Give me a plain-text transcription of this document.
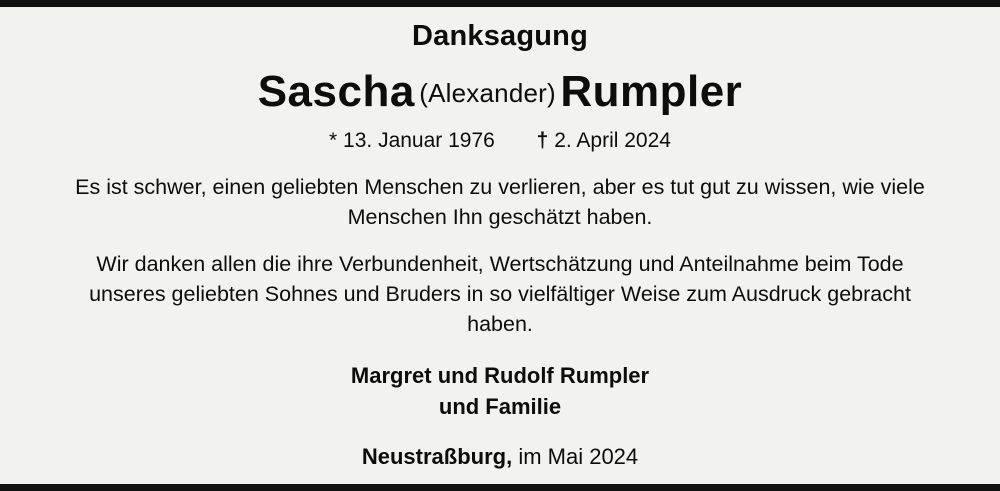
Danksagung
Sascha (Alexander) Rumpler
* 13. Januar 1976 † 2. April 2024
Es ist schwer, einen geliebten Menschen zu verlieren, aber es tut gut zu wissen, wie viele Menschen Ihn geschätzt haben.
Wir danken allen die ihre Verbundenheit, Wertschätzung und Anteilnahme beim Tode unseres geliebten Sohnes und Bruders in so vielfältiger Weise zum Ausdruck gebracht haben.
Margret und Rudolf Rumpler
und Familie
Neustraßburg, im Mai 2024
